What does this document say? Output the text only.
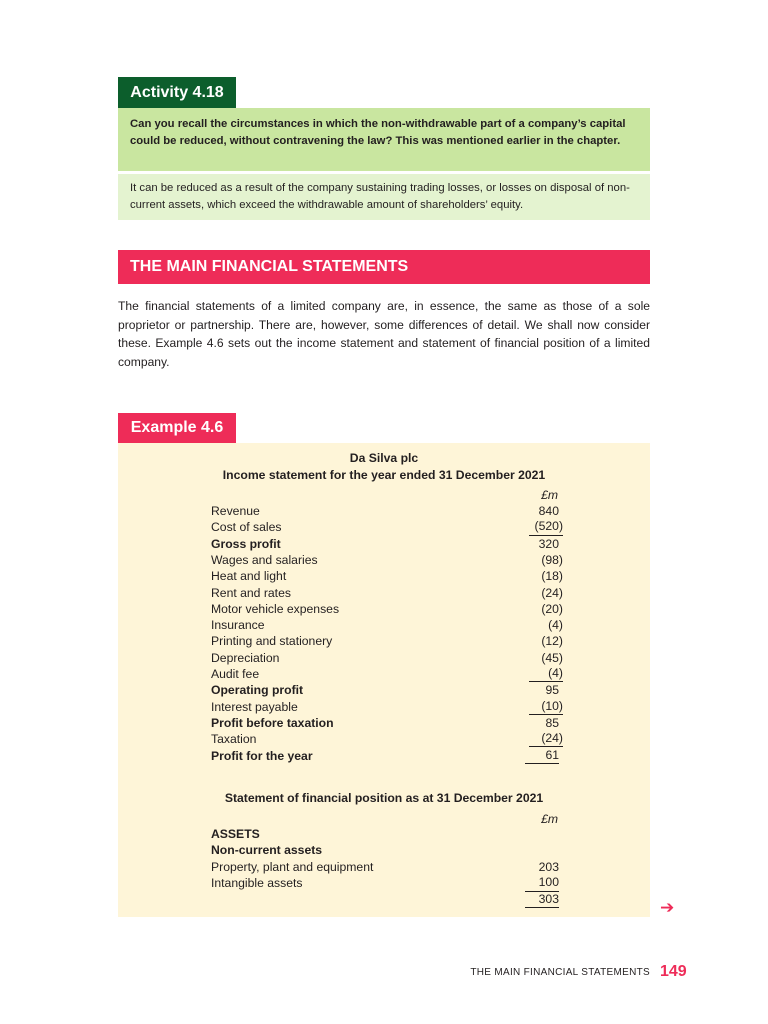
Activity 4.18
Can you recall the circumstances in which the non-withdrawable part of a company’s capital could be reduced, without contravening the law? This was mentioned earlier in the chapter.
It can be reduced as a result of the company sustaining trading losses, or losses on disposal of non-current assets, which exceed the withdrawable amount of shareholders’ equity.
THE MAIN FINANCIAL STATEMENTS
The financial statements of a limited company are, in essence, the same as those of a sole proprietor or partnership. There are, however, some differences of detail. We shall now consider these. Example 4.6 sets out the income statement and statement of financial position of a limited company.
Example 4.6
Da Silva plc
Income statement for the year ended 31 December 2021
£m
Revenue	840
Cost of sales	(520)
Gross profit	320
Wages and salaries	(98)
Heat and light	(18)
Rent and rates	(24)
Motor vehicle expenses	(20)
Insurance	(4)
Printing and stationery	(12)
Depreciation	(45)
Audit fee	(4)
Operating profit	95
Interest payable	(10)
Profit before taxation	85
Taxation	(24)
Profit for the year	61
Statement of financial position as at 31 December 2021
£m
ASSETS
Non-current assets
Property, plant and equipment	203
Intangible assets	100
303	➔
THE MAIN FINANCIAL STATEMENTS 149
